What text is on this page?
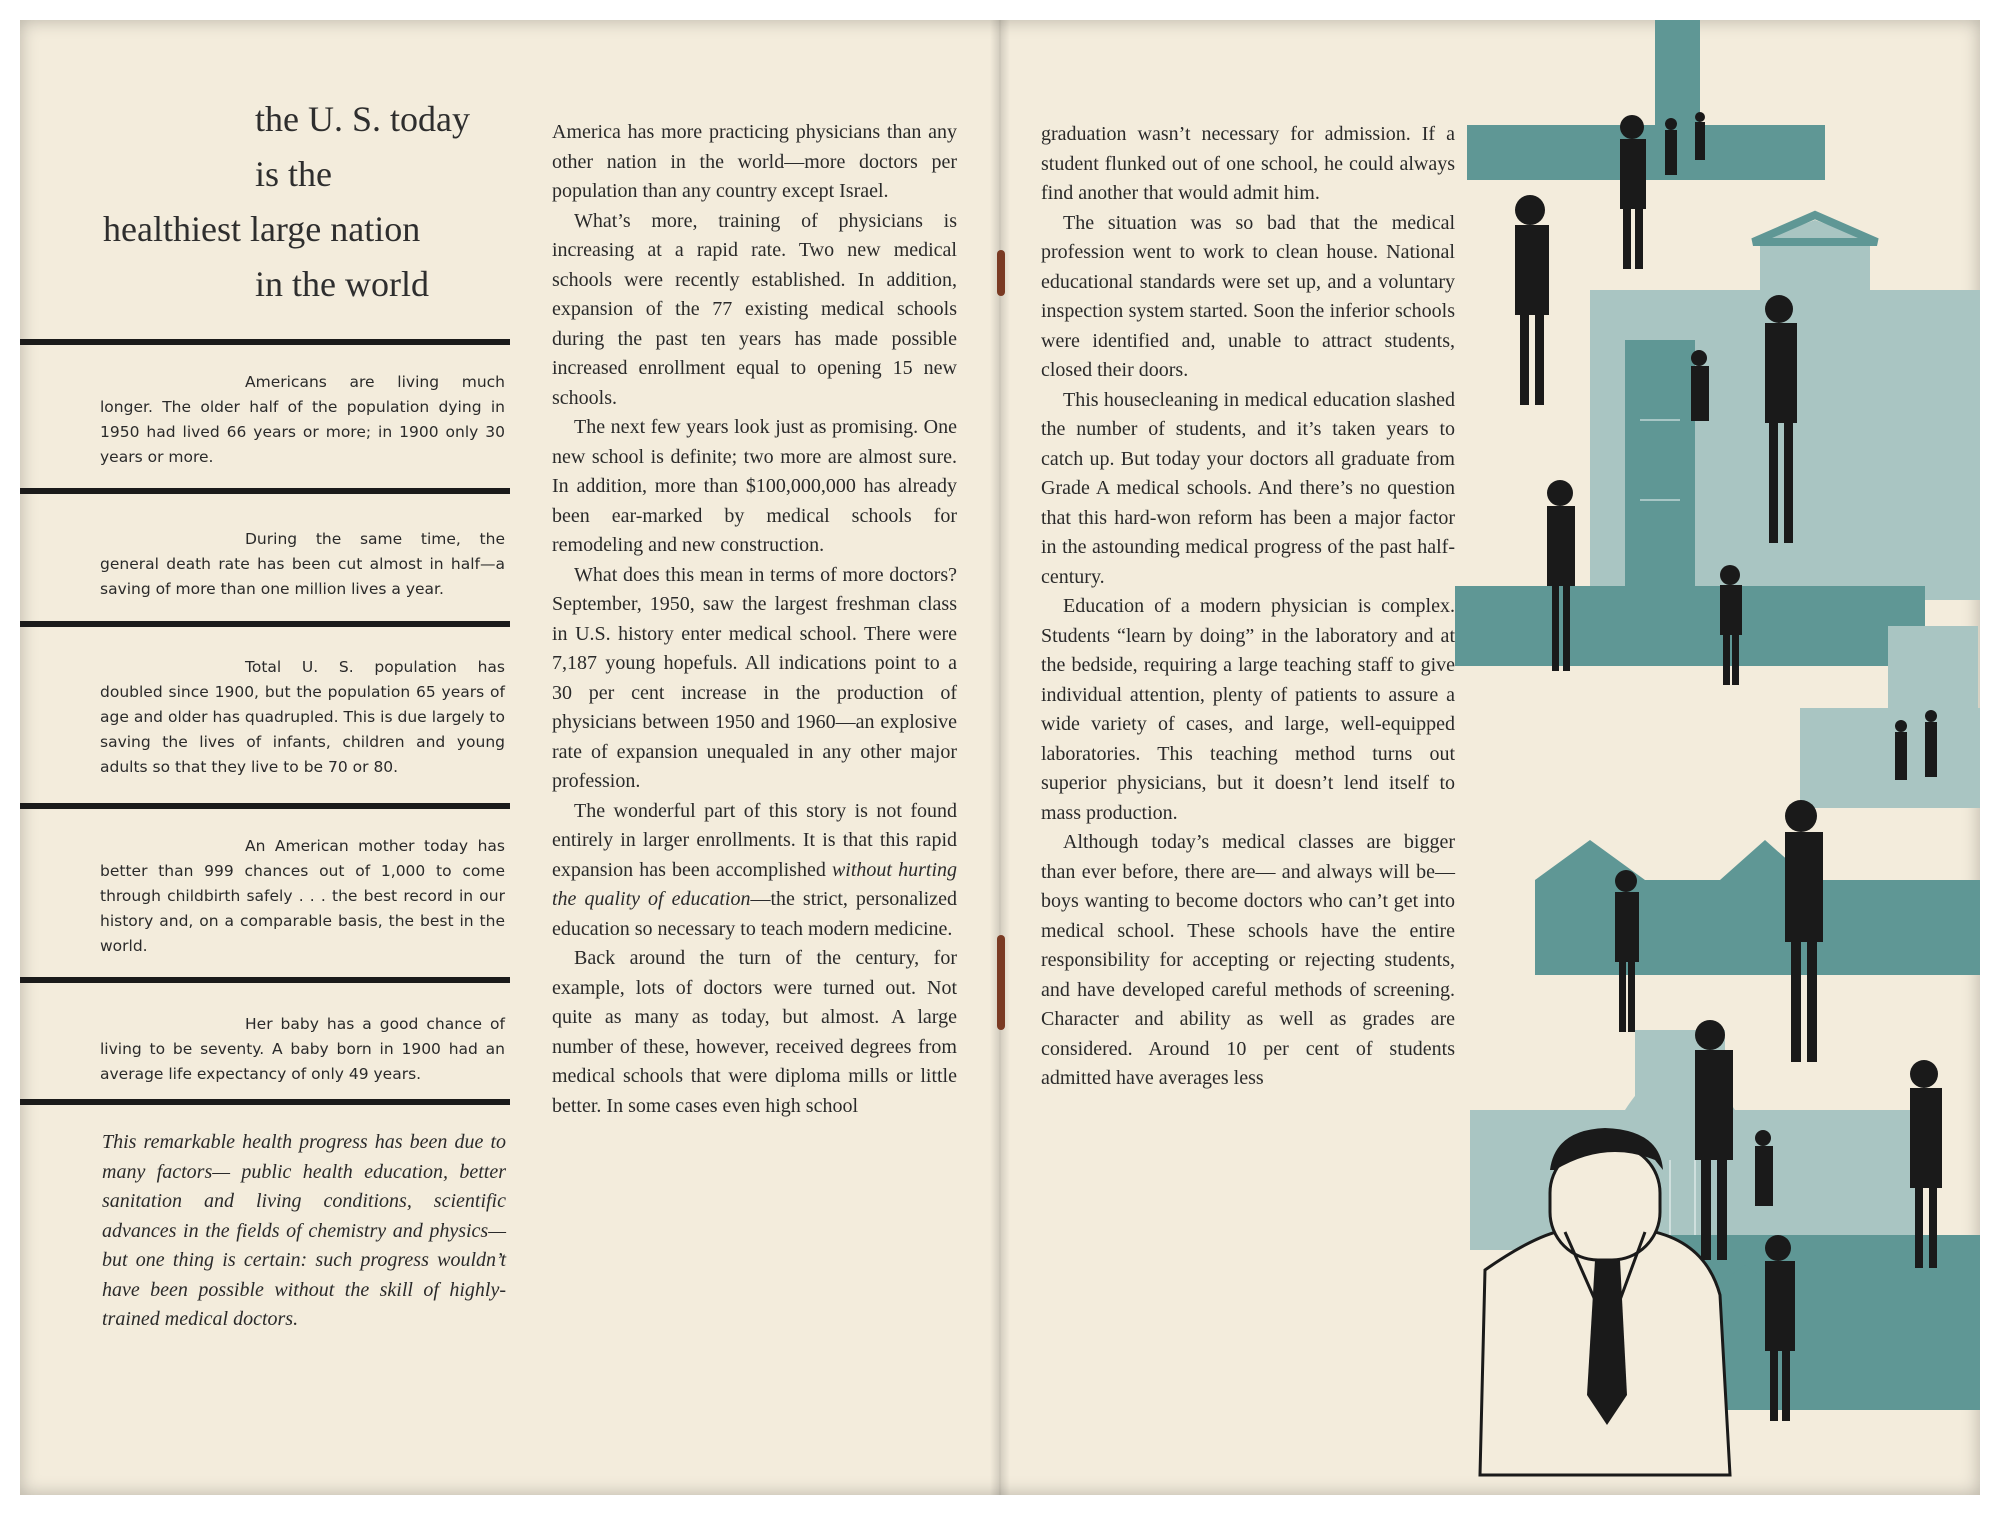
the U. S. today
is the
healthiest large nation
in the world
Americans are living much longer. The older half of the population dying in 1950 had lived 66 years or more; in 1900 only 30 years or more.
During the same time, the general death rate has been cut almost in half—a saving of more than one million lives a year.
Total U. S. population has doubled since 1900, but the population 65 years of age and older has quadrupled. This is due largely to saving the lives of infants, children and young adults so that they live to be 70 or 80.
An American mother today has better than 999 chances out of 1,000 to come through childbirth safely . . . the best record in our history and, on a comparable basis, the best in the world.
Her baby has a good chance of living to be seventy. A baby born in 1900 had an average life expectancy of only 49 years.
This remarkable health progress has been due to many factors— public health education, better sanitation and living conditions, scientific advances in the fields of chemistry and physics— but one thing is certain: such progress wouldn’t have been possible without the skill of highly-trained medical doctors.

America has more practicing physicians than any other nation in the world—more doctors per population than any country except Israel.

What’s more, training of physicians is increasing at a rapid rate. Two new medical schools were recently established. In addition, expansion of the 77 existing medical schools during the past ten years has made possible increased enrollment equal to opening 15 new schools.

The next few years look just as promising. One new school is definite; two more are almost sure. In addition, more than $100,000,000 has already been ear-marked by medical schools for remodeling and new construction.

What does this mean in terms of more doctors? September, 1950, saw the largest freshman class in U.S. history enter medical school. There were 7,187 young hopefuls. All indications point to a 30 per cent increase in the production of physicians between 1950 and 1960—an explosive rate of expansion unequaled in any other major profession.

The wonderful part of this story is not found entirely in larger enrollments. It is that this rapid expansion has been accomplished without hurting the quality of education—the strict, personalized education so necessary to teach modern medicine.

Back around the turn of the century, for example, lots of doctors were turned out. Not quite as many as today, but almost. A large number of these, however, received degrees from medical schools that were diploma mills or little better. In some cases even high school

graduation wasn’t necessary for admission. If a student flunked out of one school, he could always find another that would admit him.

The situation was so bad that the medical profession went to work to clean house. National educational standards were set up, and a voluntary inspection system started. Soon the inferior schools were identified and, unable to attract students, closed their doors.

This housecleaning in medical education slashed the number of students, and it’s taken years to catch up. But today your doctors all graduate from Grade A medical schools. And there’s no question that this hard-won reform has been a major factor in the astounding medical progress of the past half-century.

Education of a modern physician is complex. Students “learn by doing” in the laboratory and at the bedside, requiring a large teaching staff to give individual attention, plenty of patients to assure a wide variety of cases, and large, well-equipped laboratories. This teaching method turns out superior physicians, but it doesn’t lend itself to mass production.

Although today’s medical classes are bigger than ever before, there are— and always will be—boys wanting to become doctors who can’t get into medical school. These schools have the entire responsibility for accepting or rejecting students, and have developed careful methods of screening. Character and ability as well as grades are considered. Around 10 per cent of students admitted have averages less
